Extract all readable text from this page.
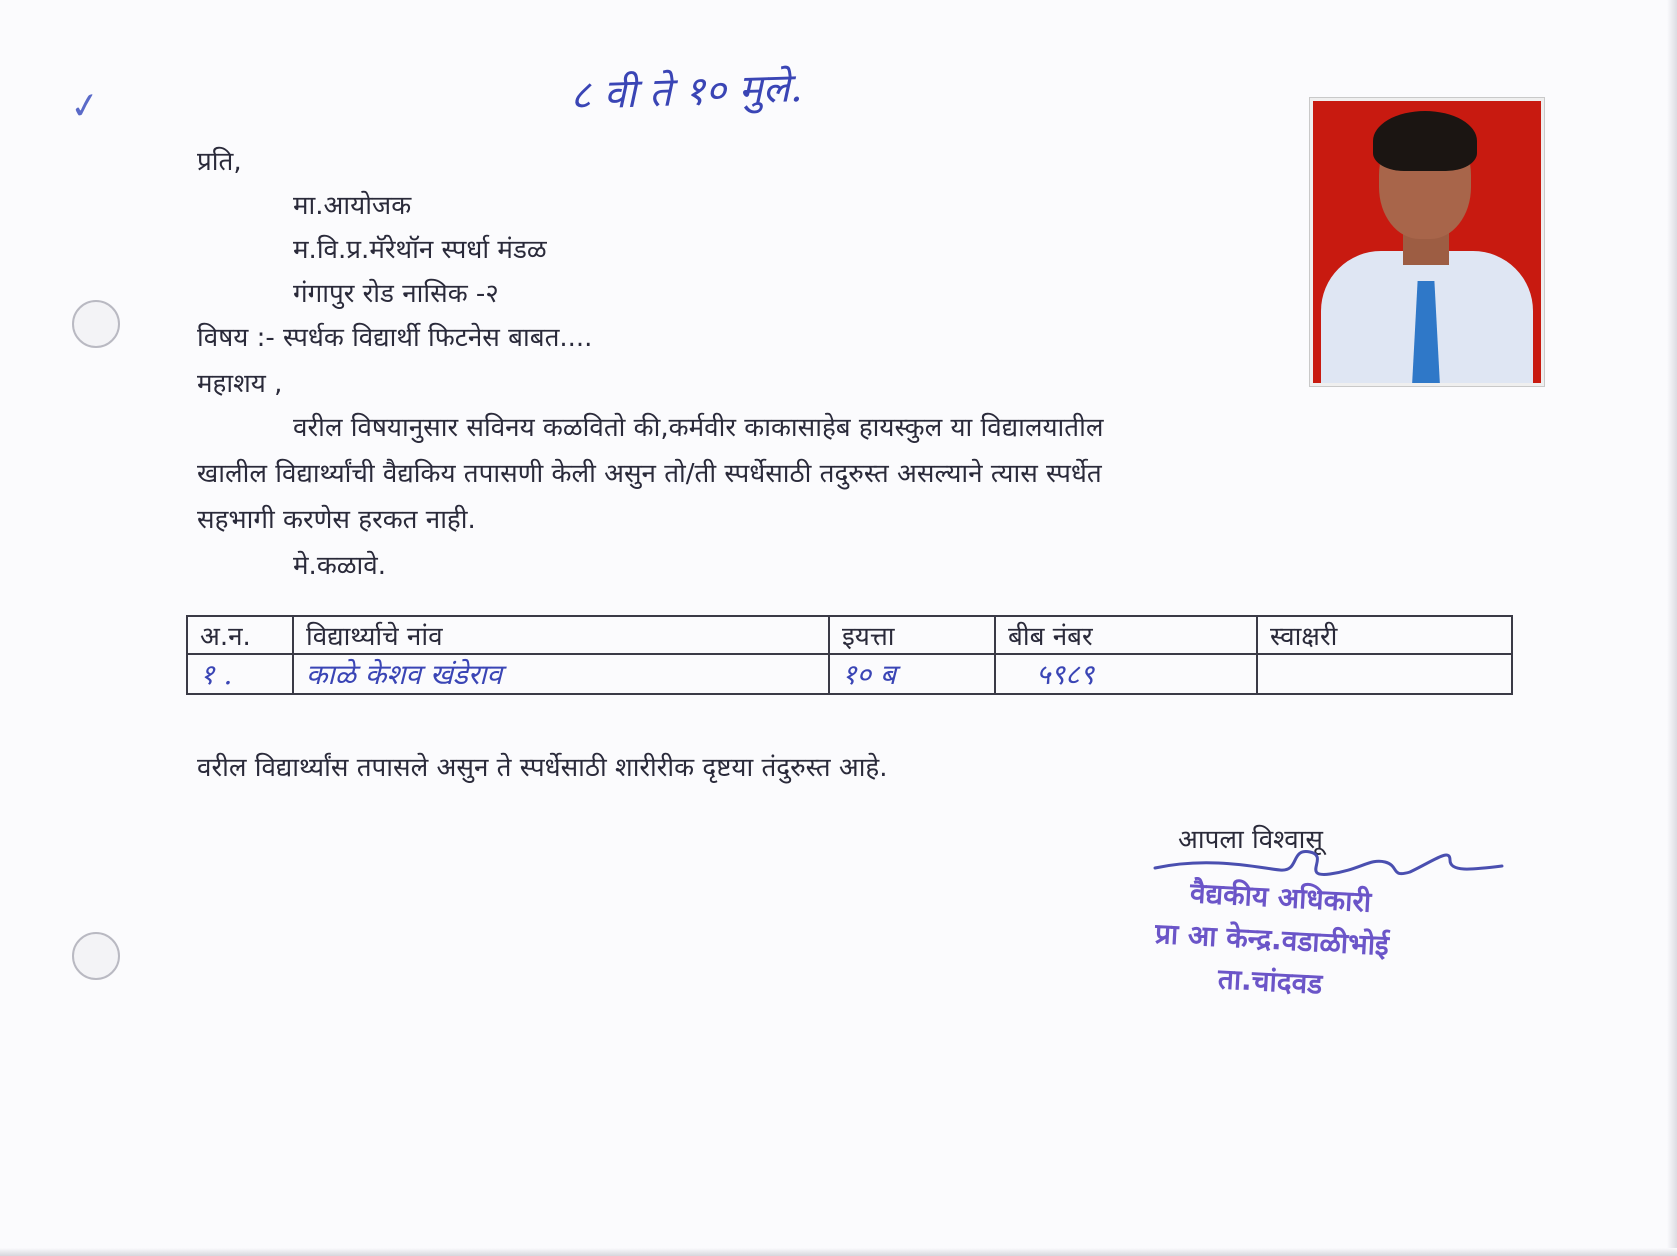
✓	८ वी ते १० मुले.
प्रति,
मा.आयोजक
म.वि.प्र.मॅरेथॉन स्पर्धा मंडळ
गंगापुर रोड नासिक -२
विषय :- स्पर्धक विद्यार्थी फिटनेस बाबत....
महाशय ,
वरील विषयानुसार सविनय कळवितो की,कर्मवीर काकासाहेब हायस्कुल या विद्यालयातील
खालील विद्यार्थ्यांची वैद्यकिय तपासणी केली असुन तो/ती स्पर्धेसाठी तदुरुस्त असल्याने त्यास स्पर्धेत
सहभागी करणेस हरकत नाही.
मे.कळावे.
अ.न.	विद्यार्थ्याचे नांव	इयत्ता	बीब नंबर	स्वाक्षरी
१ .	काळे केशव खंडेराव	१० ब	५९८९	
वरील विद्यार्थ्यांस तपासले असुन ते स्पर्धेसाठी शारीरीक दृष्टया तंदुरुस्त आहे.
आपला विश्वासू
वैद्यकीय अधिकारी
प्रा आ केन्द्र.वडाळीभोई
ता.चांदवड
